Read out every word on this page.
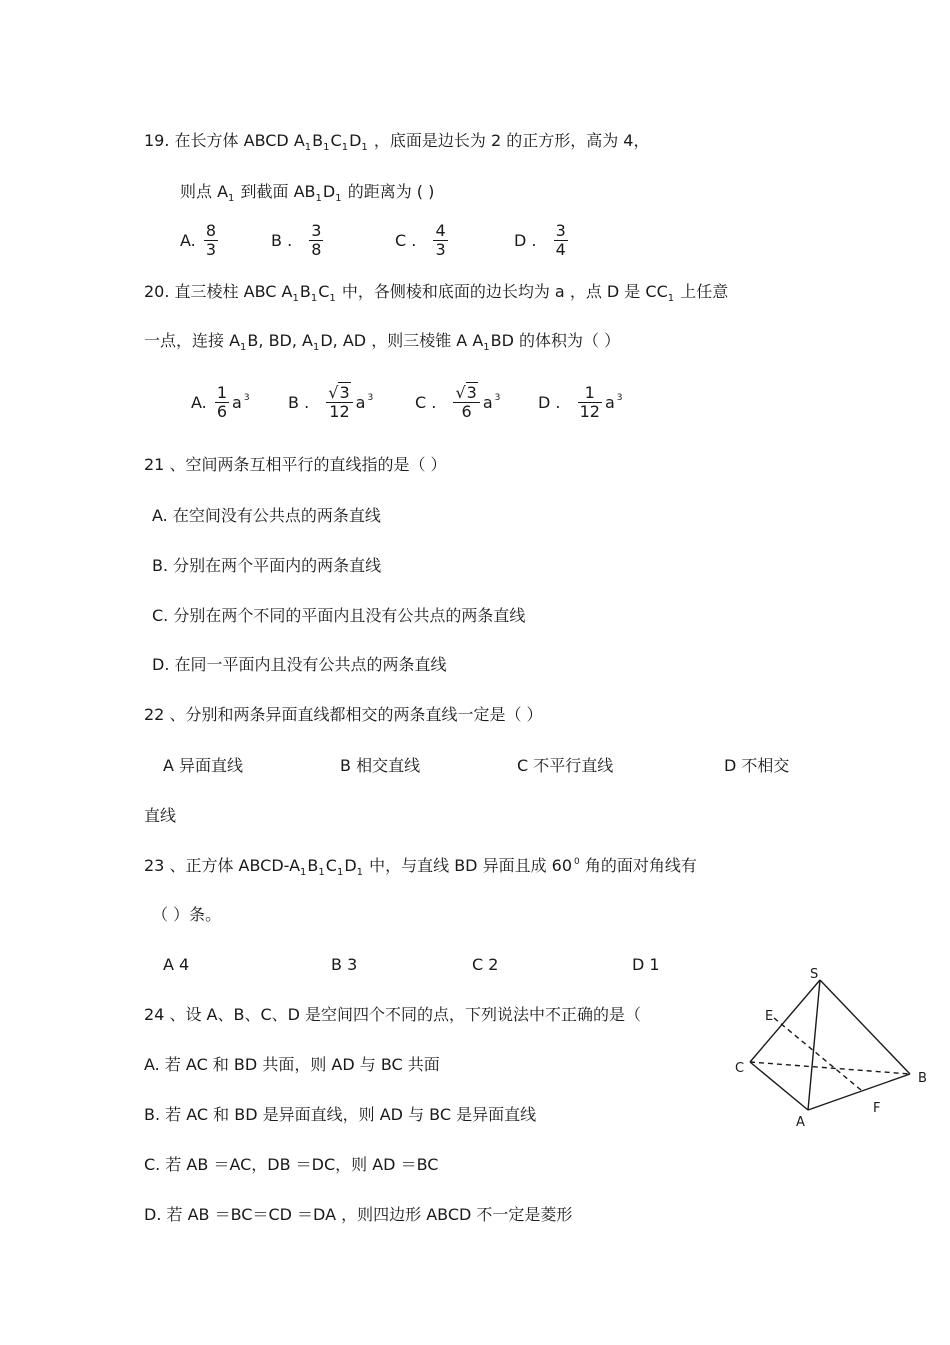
19. 在长方体 ABCD $A_1B_1C_1D_1$ ，底面是边长为 2 的正方形，高为 4，
则点 $A_1$ 到截面 $AB_1D_1$ 的距离为 ( )
A. $\frac{8}{3}$	B . $\frac{3}{8}$	C . $\frac{4}{3}$	D . $\frac{3}{4}$
20. 直三棱柱 ABC $A_1B_1C_1$ 中，各侧棱和底面的边长均为 a ，点 D 是 $CC_1$ 上任意
一点，连接 $A_1B$, BD, $A_1D$, AD ，则三棱锥 A $A_1BD$ 的体积为（ ）
A. $\frac{1}{6}$ a $^3$ B . $\frac{√3}{12}$ a $^3$	C . $\frac{√3}{6}$ a $^3$ D . $\frac{1}{12}$ a $^3$
21 、空间两条互相平行的直线指的是（ ）
A. 在空间没有公共点的两条直线
B. 分别在两个平面内的两条直线
C. 分别在两个不同的平面内且没有公共点的两条直线
D. 在同一平面内且没有公共点的两条直线
22 、分别和两条异面直线都相交的两条直线一定是（ ）
A 异面直线	B 相交直线	C 不平行直线	D 不相交
直线
23 、正方体 ABCD-$A_1B_1C_1D_1$ 中，与直线 BD 异面且成 60 $^0$ 角的面对角线有
（ ）条。
A 4	B 3	C 2	D 1
24 、设 A、B、C、D 是空间四个不同的点，下列说法中不正确的是（
A. 若 AC 和 BD 共面，则 AD 与 BC 共面
B. 若 AC 和 BD 是异面直线，则 AD 与 BC 是异面直线
C. 若 AB ＝AC，DB ＝DC，则 AD ＝BC
D. 若 AB ＝BC＝CD ＝DA ，则四边形 ABCD 不一定是菱形
S
E
C
B
A
F
